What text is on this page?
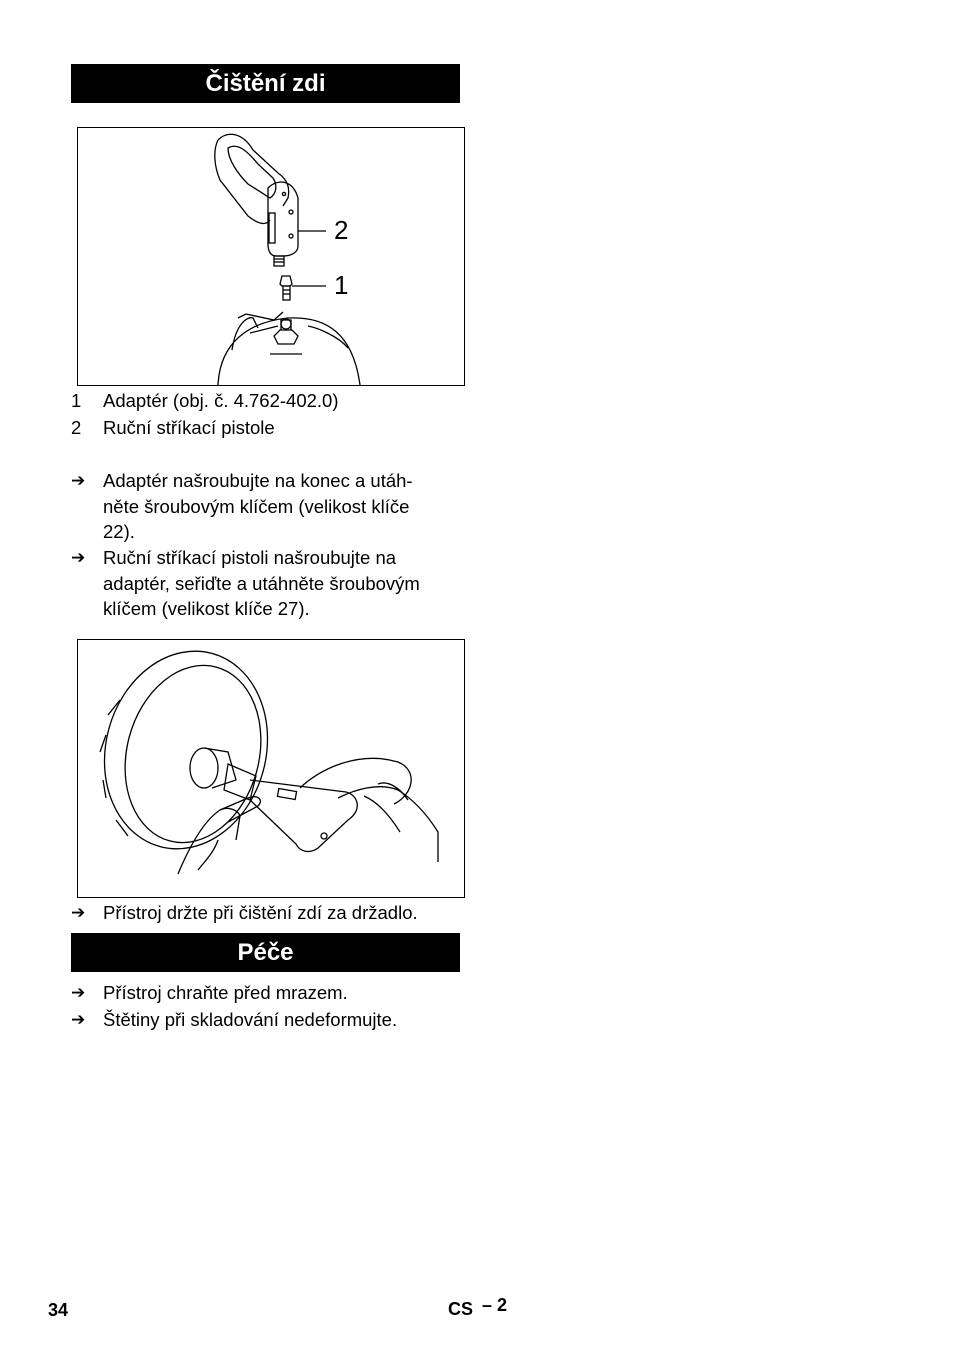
Čištění zdi
2
1
1	Adaptér (obj. č. 4.762-402.0)
2	Ruční stříkací pistole
➔ Adaptér našroubujte na konec a utáh-
něte šroubovým klíčem (velikost klíče
22).
➔ Ruční stříkací pistoli našroubujte na
adaptér, seřiďte a utáhněte šroubovým
klíčem (velikost klíče 27).
➔ Přístroj držte při čištění zdí za držadlo.
Péče
➔ Přístroj chraňte před mrazem.
➔ Štětiny při skladování nedeformujte.
34	CS – 2
